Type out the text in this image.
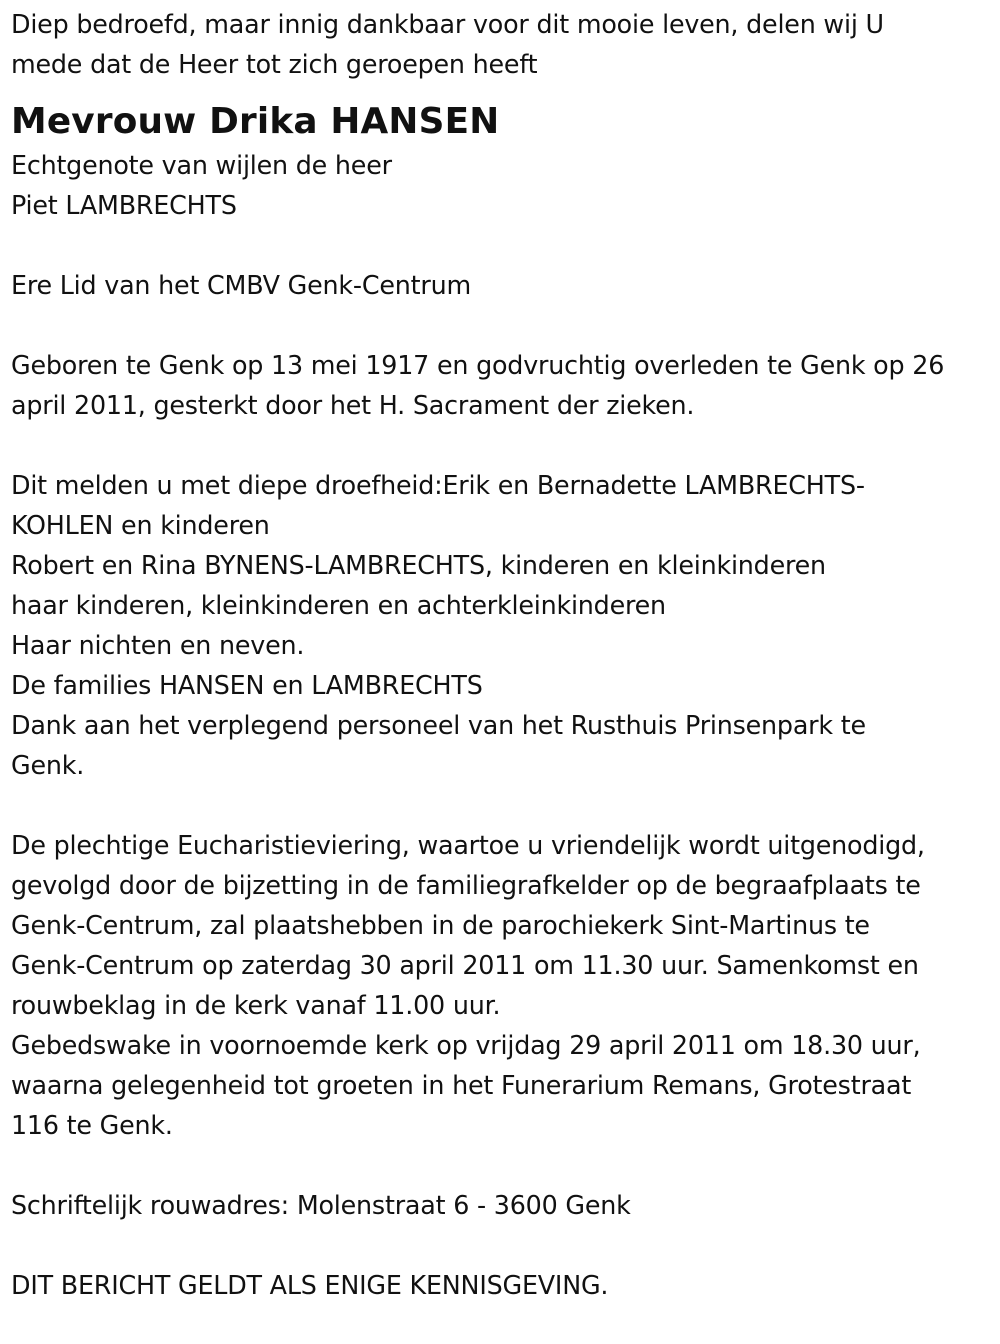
Diep bedroefd, maar innig dankbaar voor dit mooie leven, delen wij U
mede dat de Heer tot zich geroepen heeft
Mevrouw Drika HANSEN
Echtgenote van wijlen de heer
Piet LAMBRECHTS
Ere Lid van het CMBV Genk-Centrum
Geboren te Genk op 13 mei 1917 en godvruchtig overleden te Genk op 26
april 2011, gesterkt door het H. Sacrament der zieken.
Dit melden u met diepe droefheid:Erik en Bernadette LAMBRECHTS-
KOHLEN en kinderen
Robert en Rina BYNENS-LAMBRECHTS, kinderen en kleinkinderen
haar kinderen, kleinkinderen en achterkleinkinderen
Haar nichten en neven.
De families HANSEN en LAMBRECHTS
Dank aan het verplegend personeel van het Rusthuis Prinsenpark te
Genk.
De plechtige Eucharistieviering, waartoe u vriendelijk wordt uitgenodigd,
gevolgd door de bijzetting in de familiegrafkelder op de begraafplaats te
Genk-Centrum, zal plaatshebben in de parochiekerk Sint-Martinus te
Genk-Centrum op zaterdag 30 april 2011 om 11.30 uur. Samenkomst en
rouwbeklag in de kerk vanaf 11.00 uur.
Gebedswake in voornoemde kerk op vrijdag 29 april 2011 om 18.30 uur,
waarna gelegenheid tot groeten in het Funerarium Remans, Grotestraat
116 te Genk.
Schriftelijk rouwadres: Molenstraat 6 - 3600 Genk
DIT BERICHT GELDT ALS ENIGE KENNISGEVING.
